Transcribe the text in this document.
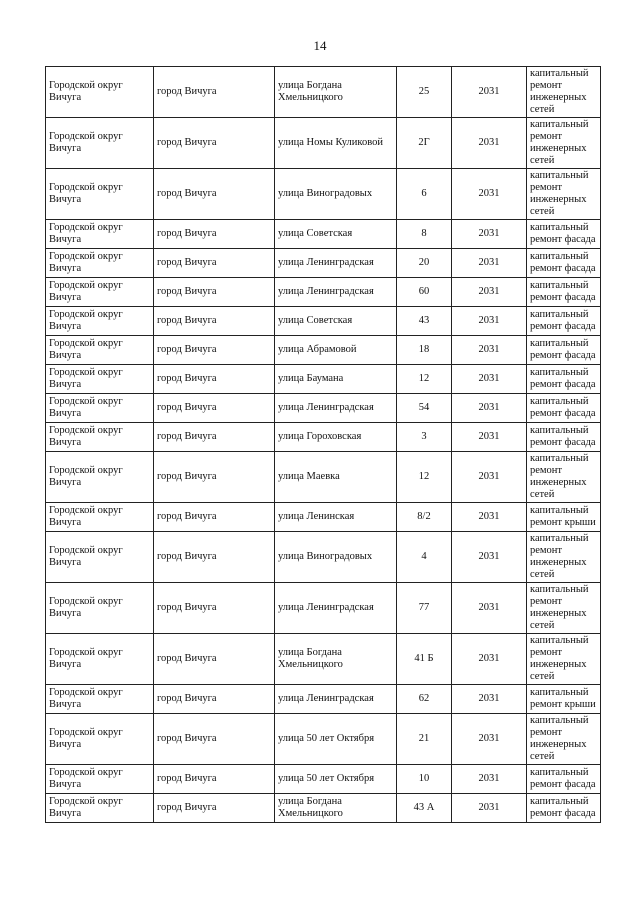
14
Городской округ Вичуга	город Вичуга	улица Богдана Хмельницкого	25	2031	капитальный ремонт инженерных сетей
Городской округ Вичуга	город Вичуга	улица Номы Куликовой	2Г	2031	капитальный ремонт инженерных сетей
Городской округ Вичуга	город Вичуга	улица Виноградовых	6	2031	капитальный ремонт инженерных сетей
Городской округ Вичуга	город Вичуга	улица Советская	8	2031	капитальный ремонт фасада
Городской округ Вичуга	город Вичуга	улица Ленинградская	20	2031	капитальный ремонт фасада
Городской округ Вичуга	город Вичуга	улица Ленинградская	60	2031	капитальный ремонт фасада
Городской округ Вичуга	город Вичуга	улица Советская	43	2031	капитальный ремонт фасада
Городской округ Вичуга	город Вичуга	улица Абрамовой	18	2031	капитальный ремонт фасада
Городской округ Вичуга	город Вичуга	улица Баумана	12	2031	капитальный ремонт фасада
Городской округ Вичуга	город Вичуга	улица Ленинградская	54	2031	капитальный ремонт фасада
Городской округ Вичуга	город Вичуга	улица Гороховская	3	2031	капитальный ремонт фасада
Городской округ Вичуга	город Вичуга	улица Маевка	12	2031	капитальный ремонт инженерных сетей
Городской округ Вичуга	город Вичуга	улица Ленинская	8/2	2031	капитальный ремонт крыши
Городской округ Вичуга	город Вичуга	улица Виноградовых	4	2031	капитальный ремонт инженерных сетей
Городской округ Вичуга	город Вичуга	улица Ленинградская	77	2031	капитальный ремонт инженерных сетей
Городской округ Вичуга	город Вичуга	улица Богдана Хмельницкого	41 Б	2031	капитальный ремонт инженерных сетей
Городской округ Вичуга	город Вичуга	улица Ленинградская	62	2031	капитальный ремонт крыши
Городской округ Вичуга	город Вичуга	улица 50 лет Октября	21	2031	капитальный ремонт инженерных сетей
Городской округ Вичуга	город Вичуга	улица 50 лет Октября	10	2031	капитальный ремонт фасада
Городской округ Вичуга	город Вичуга	улица Богдана Хмельницкого	43 А	2031	капитальный ремонт фасада
